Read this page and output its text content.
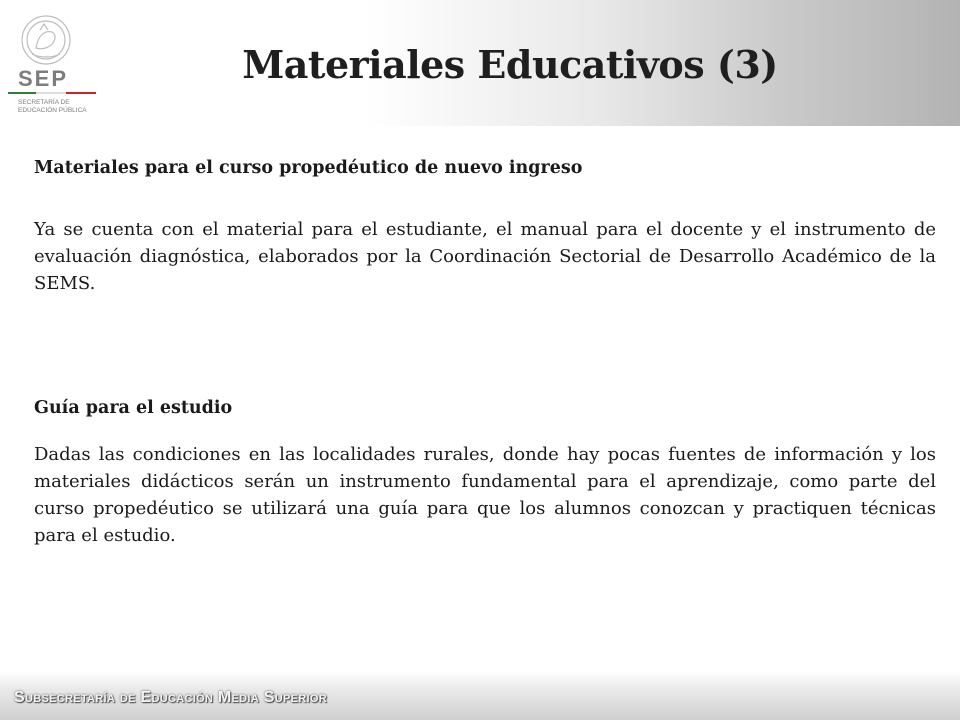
SEP
SECRETARÍA DE
EDUCACIÓN PÚBLICA
Materiales Educativos (3)

Materiales para el curso propedéutico de nuevo ingreso

Ya se cuenta con el material para el estudiante, el manual para el docente y el instrumento de evaluación diagnóstica, elaborados por la Coordinación Sectorial de Desarrollo Académico de la SEMS.

Guía para el estudio

Dadas las condiciones en las localidades rurales, donde hay pocas fuentes de información y los materiales didácticos serán un instrumento fundamental para el aprendizaje, como parte del curso propedéutico se utilizará una guía para que los alumnos conozcan y practiquen técnicas para el estudio.

Subsecretaría de Educación Media Superior
